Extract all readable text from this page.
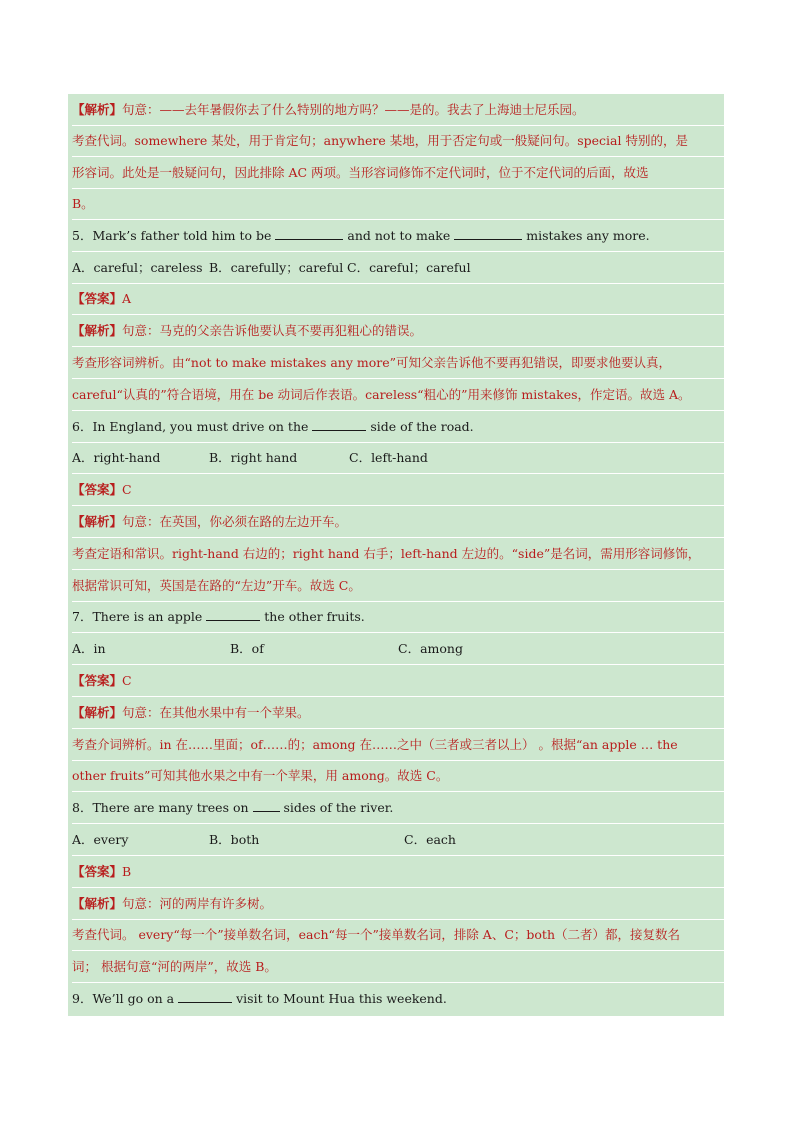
【解析】句意：——去年暑假你去了什么特别的地方吗？——是的。我去了上海迪士尼乐园。
考查代词。somewhere 某处，用于肯定句；anywhere 某地，用于否定句或一般疑问句。special 特别的，是
形容词。此处是一般疑问句，因此排除 AC 两项。当形容词修饰不定代词时，位于不定代词的后面，故选
B。
5．Mark’s father told him to be	and not to make	mistakes any more.
A．careful；careless B．carefully；careful C．careful；careful
【答案】A
【解析】句意：马克的父亲告诉他要认真不要再犯粗心的错误。
考查形容词辨析。由“not to make mistakes any more”可知父亲告诉他不要再犯错误，即要求他要认真，
careful“认真的”符合语境，用在 be 动词后作表语。careless“粗心的”用来修饰 mistakes，作定语。故选 A。
6．In England, you must drive on the	side of the road.
A．right-hand	B．right hand	C．left-hand
【答案】C
【解析】句意：在英国，你必须在路的左边开车。
考查定语和常识。right-hand 右边的；right hand 右手；left-hand 左边的。“side”是名词，需用形容词修饰，
根据常识可知，英国是在路的“左边”开车。故选 C。
7．There is an apple	the other fruits.
A．in	B．of	C．among
【答案】C
【解析】句意：在其他水果中有一个苹果。
考查介词辨析。in 在……里面；of……的；among 在……之中（三者或三者以上） 。根据“an apple … the
other fruits”可知其他水果之中有一个苹果，用 among。故选 C。
8．There are many trees on	sides of the river.
A．every	B．both	C．each
【答案】B
【解析】句意：河的两岸有许多树。
考查代词。 every“每一个”接单数名词，each“每一个”接单数名词，排除 A、C；both（二者）都，接复数名
词； 根据句意“河的两岸”，故选 B。
9．We’ll go on a	visit to Mount Hua this weekend.
